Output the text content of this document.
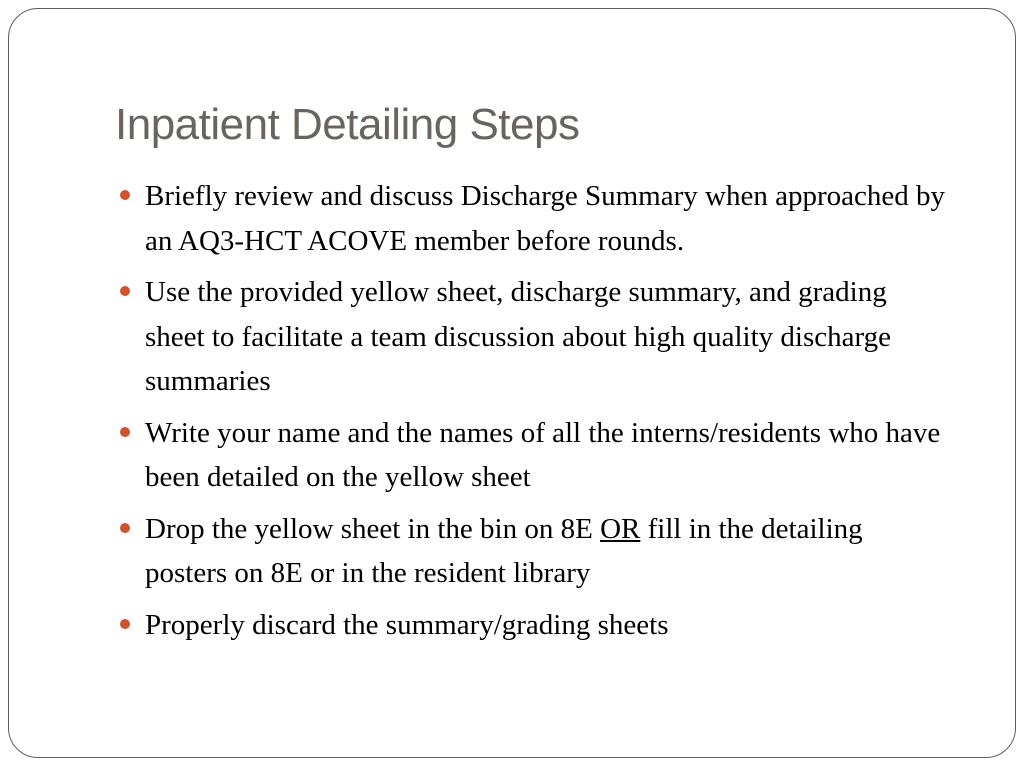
Inpatient Detailing Steps
Briefly review and discuss Discharge Summary when approached by an AQ3-HCT ACOVE member before rounds.
Use the provided yellow sheet, discharge summary, and grading sheet to facilitate a team discussion about high quality discharge summaries
Write your name and the names of all the interns/residents who have been detailed on the yellow sheet
Drop the yellow sheet in the bin on 8E OR fill in the detailing posters on 8E or in the resident library
Properly discard the summary/grading sheets
